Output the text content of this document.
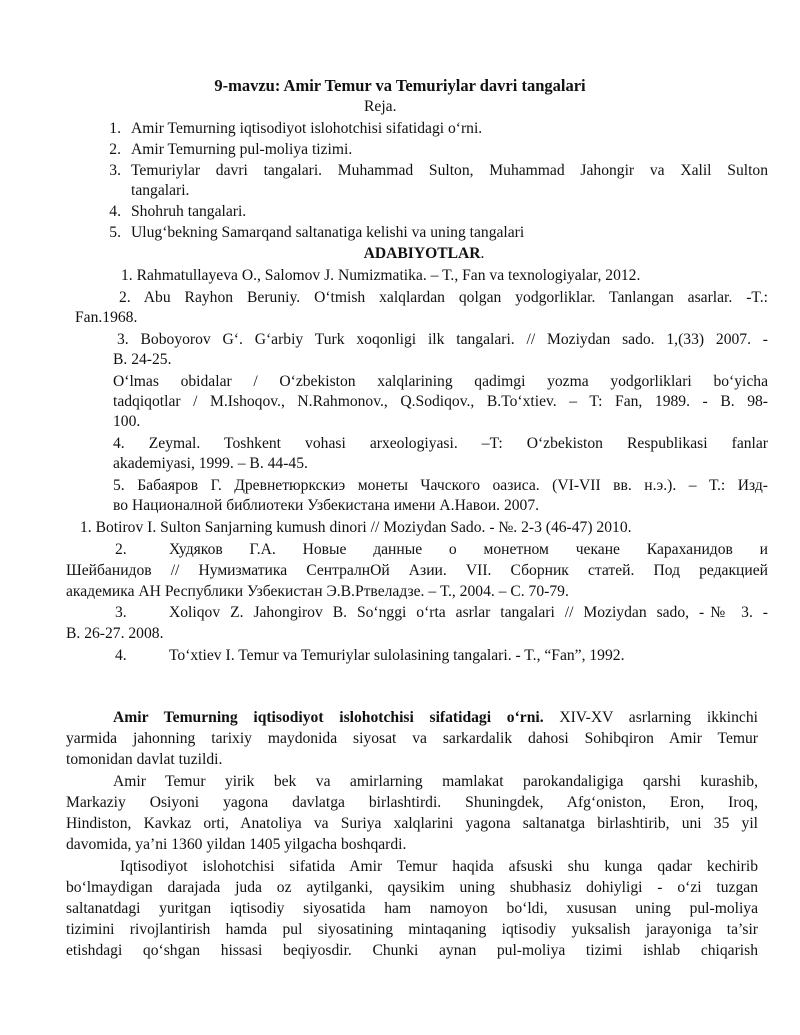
9-mavzu: Amir Temur va Temuriylar davri tangalari
Reja.
1. Amir Temurning iqtisodiyot islohotchisi sifatidagi o‘rni.
2. Amir Temurning pul-moliya tizimi.
3. Temuriylar davri tangalari. Muhammad Sulton, Muhammad Jahongir va Xalil Sulton
tangalari.
4. Shohruh tangalari.
5. Ulug‘bekning Samarqand saltanatiga kelishi va uning tangalari
ADABIYOTLAR.
1. Rahmatullayeva O., Salomov J. Numizmatika. – T., Fan va texnologiyalar, 2012.
2. Abu Rayhon Beruniy. O‘tmish xalqlardan qolgan yodgorliklar. Tanlangan asarlar. -T.:
Fan.1968.
3. Boboyorov G‘. G‘arbiy Turk xoqonligi ilk tangalari. // Moziydan sado. 1,(33) 2007. -
B. 24-25.
O‘lmas obidalar / O‘zbekiston xalqlarining qadimgi yozma yodgorliklari bo‘yicha
tadqiqotlar / M.Ishoqov., N.Rahmonov., Q.Sodiqov., B.To‘xtiev. – T: Fan, 1989. - B. 98-
100.
4. Zeymal. Toshkent vohasi arxeologiyasi. –T: O‘zbekiston Respublikasi fanlar
akademiyasi, 1999. – B. 44-45.
5. Бабаяров Г. Древнетюркскиэ монеты Чачского оазиса. (VI-VII вв. н.э.). – Т.: Изд-
во Националной библиотеки Узбекистана имени А.Навои. 2007.
1. Botirov I. Sulton Sanjarning kumush dinori // Moziydan Sado. - №. 2-3 (46-47) 2010.
2.	Худяков Г.А. Новые данные о монетном чекане Караханидов и
Шейбанидов // Нумизматика СентралнОй Азии. VII. Сборник статей. Под редакцией
академика АН Республики Узбекистан Э.В.Ртвеладзе. – Т., 2004. – С. 70-79.
3.	Xoliqov Z. Jahongirov B. So‘nggi o‘rta asrlar tangalari // Moziydan sado, -№ 3. -
B. 26-27. 2008.
4.	To‘xtiev I. Temur va Temuriylar sulolasining tangalari. - T., “Fan”, 1992.
Amir Temurning iqtisodiyot islohotchisi sifatidagi o‘rni. XIV-XV asrlarning ikkinchi
yarmida jahonning tarixiy maydonida siyosat va sarkardalik dahosi Sohibqiron Amir Temur
tomonidan davlat tuzildi.
Amir Temur yirik bek va amirlarning mamlakat parokandaligiga qarshi kurashib,
Markaziy Osiyoni yagona davlatga birlashtirdi. Shuningdek, Afg‘oniston, Eron, Iroq,
Hindiston, Kavkaz orti, Anatoliya va Suriya xalqlarini yagona saltanatga birlashtirib, uni 35 yil
davomida, ya’ni 1360 yildan 1405 yilgacha boshqardi.
Iqtisodiyot islohotchisi sifatida Amir Temur haqida afsuski shu kunga qadar kechirib
bo‘lmaydigan darajada juda oz aytilganki, qaysikim uning shubhasiz dohiyligi - o‘zi tuzgan
saltanatdagi yuritgan iqtisodiy siyosatida ham namoyon bo‘ldi, xususan uning pul-moliya
tizimini rivojlantirish hamda pul siyosatining mintaqaning iqtisodiy yuksalish jarayoniga ta’sir
etishdagi qo‘shgan hissasi beqiyosdir. Chunki aynan pul-moliya tizimi ishlab chiqarish
